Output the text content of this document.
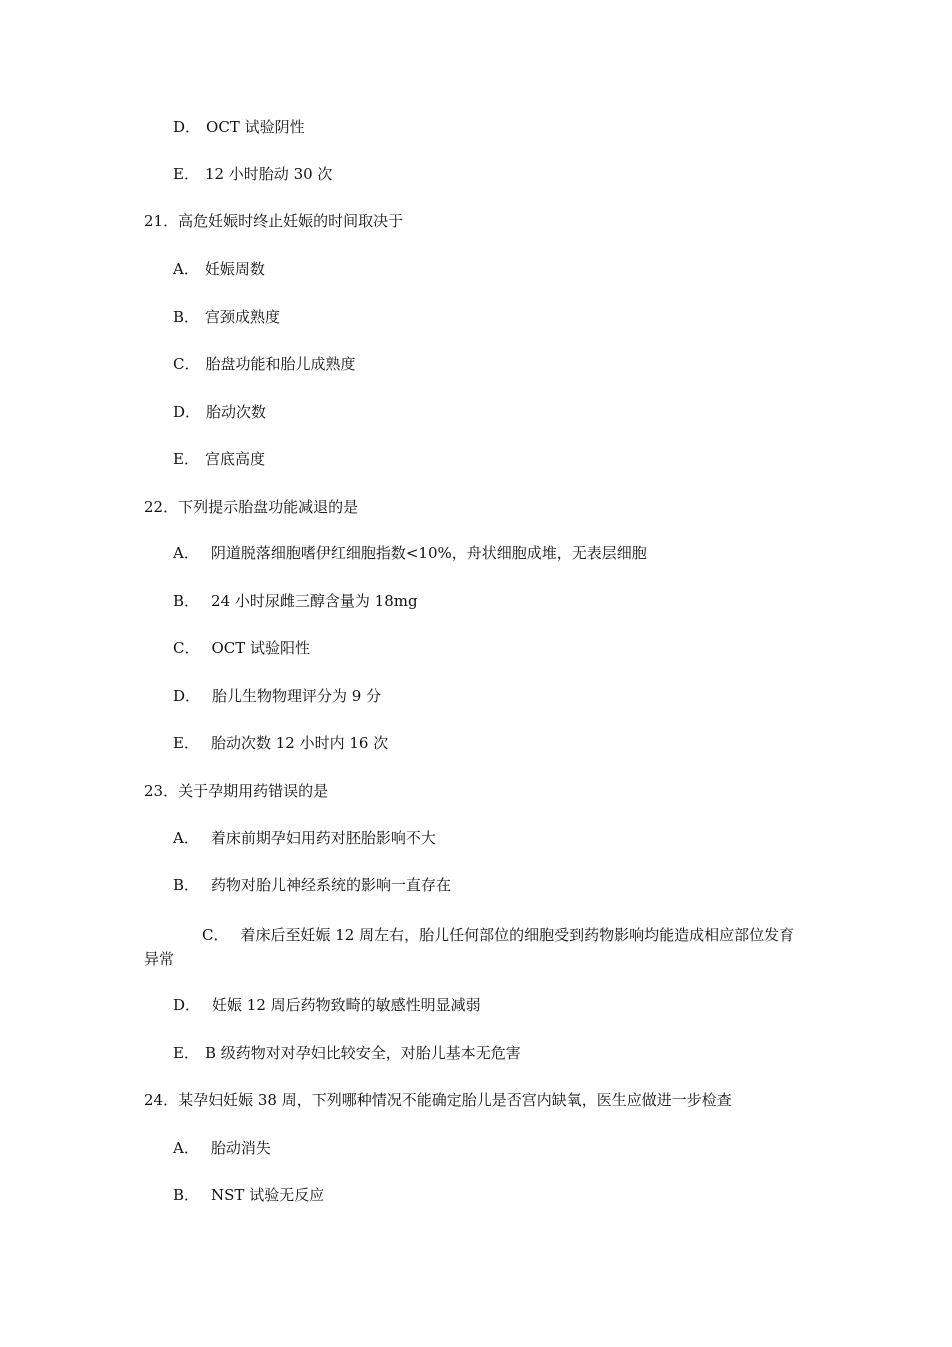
D． OCT 试验阴性
E． 12 小时胎动 30 次
21．高危妊娠时终止妊娠的时间取决于
A． 妊娠周数
B． 宫颈成熟度
C． 胎盘功能和胎儿成熟度
D． 胎动次数
E． 宫底高度
22．下列提示胎盘功能减退的是
A． 阴道脱落细胞嗜伊红细胞指数<10%，舟状细胞成堆，无表层细胞
B． 24 小时尿雌三醇含量为 18mg
C． OCT 试验阳性
D． 胎儿生物物理评分为 9 分
E． 胎动次数 12 小时内 16 次
23．关于孕期用药错误的是
A． 着床前期孕妇用药对胚胎影响不大
B． 药物对胎儿神经系统的影响一直存在
C． 着床后至妊娠 12 周左右，胎儿任何部位的细胞受到药物影响均能造成相应部位发育异常
D． 妊娠 12 周后药物致畸的敏感性明显减弱
E． B 级药物对对孕妇比较安全，对胎儿基本无危害
24．某孕妇妊娠 38 周，下列哪种情况不能确定胎儿是否宫内缺氧，医生应做进一步检查
A． 胎动消失
B． NST 试验无反应
